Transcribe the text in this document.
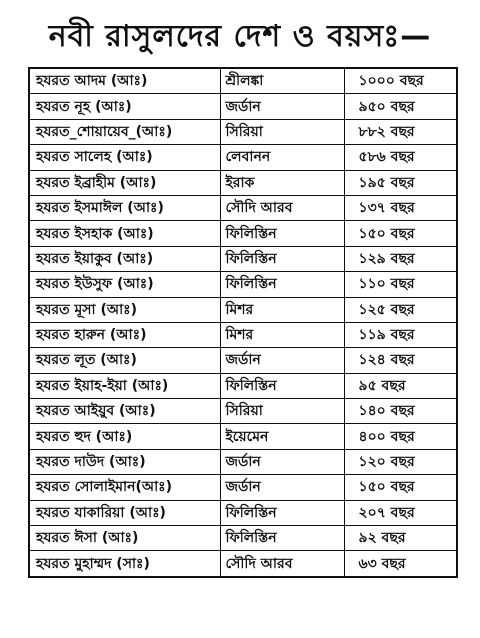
নবী রাসুলদের দেশ ও বয়সঃ—
হযরত আদম (আঃ)	শ্রীলঙ্কা	১০০০ বছর
হযরত নূহ (আঃ)	জর্ডান	৯৫০ বছর
হযরত_শোয়ায়েব_(আঃ)	সিরিয়া	৮৮২ বছর
হযরত সালেহ (আঃ)	লেবানন	৫৮৬ বছর
হযরত ইব্রাহীম (আঃ)	ইরাক	১৯৫ বছর
হযরত ইসমাঈল (আঃ)	সৌদি আরব	১৩৭ বছর
হযরত ইসহাক (আঃ)	ফিলিস্তিন	১৫০ বছর
হযরত ইয়াকুব (আঃ)	ফিলিস্তিন	১২৯ বছর
হযরত ইউসুফ (আঃ)	ফিলিস্তিন	১১০ বছর
হযরত মূসা (আঃ)	মিশর	১২৫ বছর
হযরত হারুন (আঃ)	মিশর	১১৯ বছর
হযরত লূত (আঃ)	জর্ডান	১২৪ বছর
হযরত ইয়াহ-ইয়া (আঃ)	ফিলিস্তিন	৯৫ বছর
হযরত আইয়ুব (আঃ)	সিরিয়া	১৪০ বছর
হযরত হুদ (আঃ)	ইয়েমেন	৪০০ বছর
হযরত দাউদ (আঃ)	জর্ডান	১২০ বছর
হযরত সোলাইমান(আঃ)	জর্ডান	১৫০ বছর
হযরত যাকারিয়া (আঃ)	ফিলিস্তিন	২০৭ বছর
হযরত ঈসা (আঃ)	ফিলিস্তিন	৯২ বছর
হযরত মুহাম্মদ (সাঃ)	সৌদি আরব	৬৩ বছর
